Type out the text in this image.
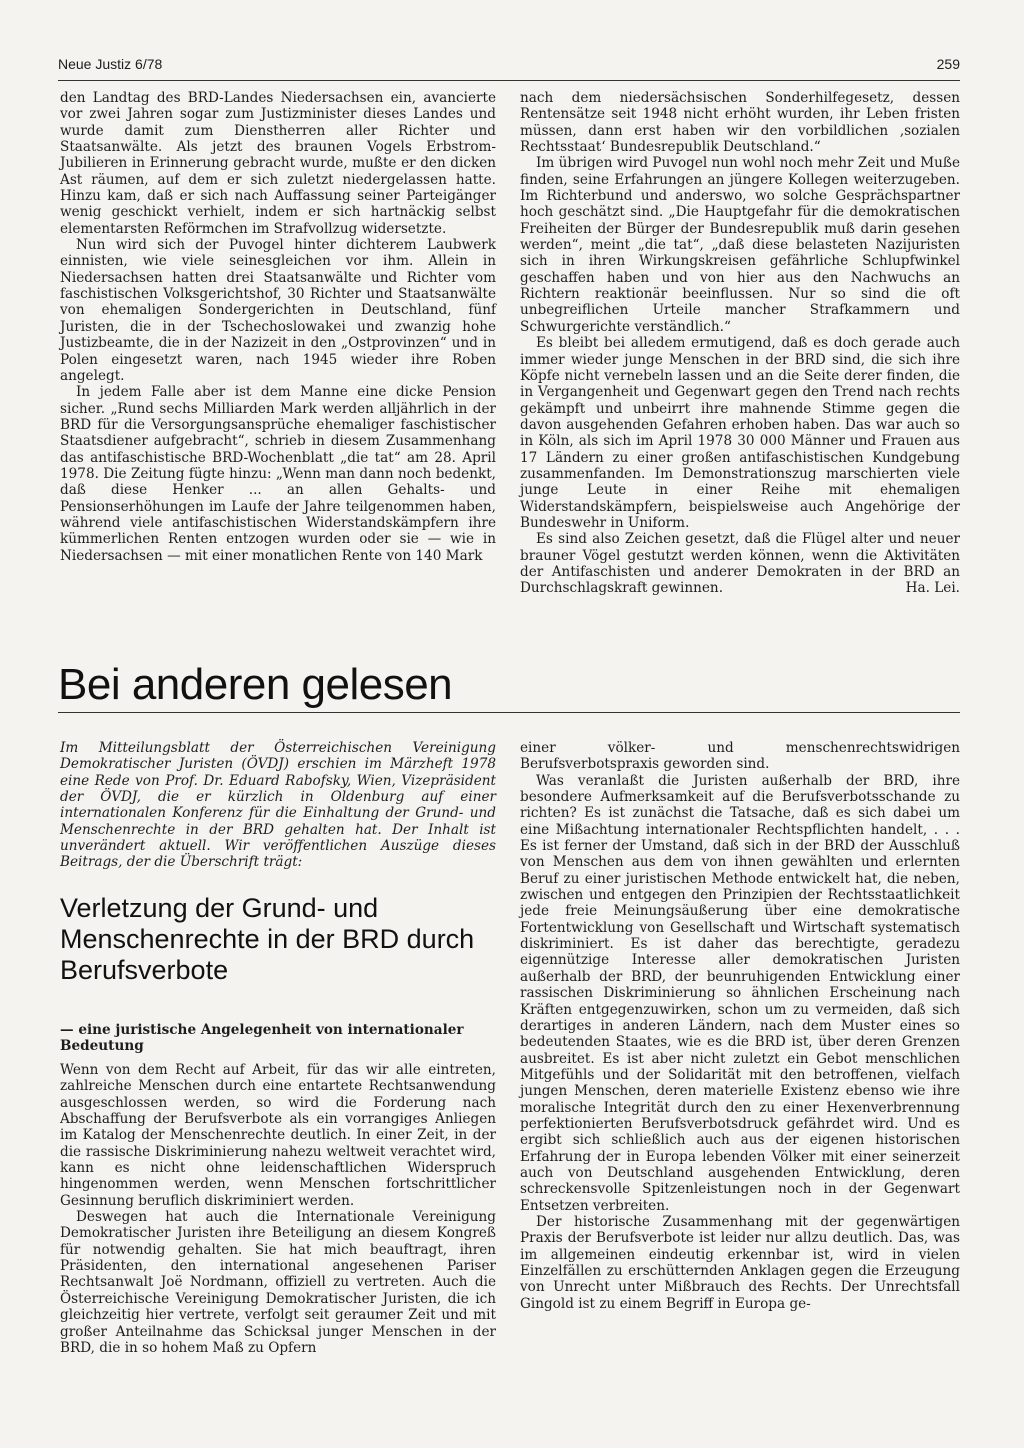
Neue Justiz 6/78	259

den Landtag des BRD-Landes Niedersachsen ein, avancierte vor zwei Jahren sogar zum Justizminister dieses Landes und wurde damit zum Dienstherren aller Richter und Staatsanwälte. Als jetzt des braunen Vogels Erbstrom-Jubilieren in Erinnerung gebracht wurde, mußte er den dicken Ast räumen, auf dem er sich zuletzt niedergelassen hatte. Hinzu kam, daß er sich nach Auffassung seiner Parteigänger wenig geschickt verhielt, indem er sich hartnäckig selbst elementarsten Reförmchen im Strafvollzug widersetzte.

Nun wird sich der Puvogel hinter dichterem Laubwerk einnisten, wie viele seinesgleichen vor ihm. Allein in Niedersachsen hatten drei Staatsanwälte und Richter vom faschistischen Volksgerichtshof, 30 Richter und Staatsanwälte von ehemaligen Sondergerichten in Deutschland, fünf Juristen, die in der Tschechoslowakei und zwanzig hohe Justizbeamte, die in der Nazizeit in den „Ostprovinzen“ und in Polen eingesetzt waren, nach 1945 wieder ihre Roben angelegt.

In jedem Falle aber ist dem Manne eine dicke Pension sicher. „Rund sechs Milliarden Mark werden alljährlich in der BRD für die Versorgungsansprüche ehemaliger faschistischer Staatsdiener aufgebracht“, schrieb in diesem Zusammenhang das antifaschistische BRD-Wochenblatt „die tat“ am 28. April 1978. Die Zeitung fügte hinzu: „Wenn man dann noch bedenkt, daß diese Henker ... an allen Gehalts- und Pensionserhöhungen im Laufe der Jahre teilgenommen haben, während viele antifaschistischen Widerstandskämpfern ihre kümmerlichen Renten entzogen wurden oder sie — wie in Niedersachsen — mit einer monatlichen Rente von 140 Mark

nach dem niedersächsischen Sonderhilfegesetz, dessen Rentensätze seit 1948 nicht erhöht wurden, ihr Leben fristen müssen, dann erst haben wir den vorbildlichen ‚sozialen Rechtsstaat‘ Bundesrepublik Deutschland.“

Im übrigen wird Puvogel nun wohl noch mehr Zeit und Muße finden, seine Erfahrungen an jüngere Kollegen weiterzugeben. Im Richterbund und anderswo, wo solche Gesprächspartner hoch geschätzt sind. „Die Hauptgefahr für die demokratischen Freiheiten der Bürger der Bundesrepublik muß darin gesehen werden“, meint „die tat“, „daß diese belasteten Nazijuristen sich in ihren Wirkungskreisen gefährliche Schlupfwinkel geschaffen haben und von hier aus den Nachwuchs an Richtern reaktionär beeinflussen. Nur so sind die oft unbegreiflichen Urteile mancher Strafkammern und Schwurgerichte verständlich.“

Es bleibt bei alledem ermutigend, daß es doch gerade auch immer wieder junge Menschen in der BRD sind, die sich ihre Köpfe nicht vernebeln lassen und an die Seite derer finden, die in Vergangenheit und Gegenwart gegen den Trend nach rechts gekämpft und unbeirrt ihre mahnende Stimme gegen die davon ausgehenden Gefahren erhoben haben. Das war auch so in Köln, als sich im April 1978 30 000 Männer und Frauen aus 17 Ländern zu einer großen antifaschistischen Kundgebung zusammenfanden. Im Demonstrationszug marschierten viele junge Leute in einer Reihe mit ehemaligen Widerstandskämpfern, beispielsweise auch Angehörige der Bundeswehr in Uniform.

Es sind also Zeichen gesetzt, daß die Flügel alter und neuer brauner Vögel gestutzt werden können, wenn die Aktivitäten der Antifaschisten und anderer Demokraten in der BRD an Durchschlagskraft gewinnen.	Ha. Lei.

Bei anderen gelesen

Im Mitteilungsblatt der Österreichischen Vereinigung Demokratischer Juristen (ÖVDJ) erschien im Märzheft 1978 eine Rede von Prof. Dr. Eduard Rabofsky, Wien, Vizepräsident der ÖVDJ, die er kürzlich in Oldenburg auf einer internationalen Konferenz für die Einhaltung der Grund- und Menschenrechte in der BRD gehalten hat. Der Inhalt ist unverändert aktuell. Wir veröffentlichen Auszüge dieses Beitrags, der die Überschrift trägt:

Verletzung der Grund- und Menschenrechte in der BRD durch Berufsverbote
— eine juristische Angelegenheit von internationaler Bedeutung

Wenn von dem Recht auf Arbeit, für das wir alle eintreten, zahlreiche Menschen durch eine entartete Rechtsanwendung ausgeschlossen werden, so wird die Forderung nach Abschaffung der Berufsverbote als ein vorrangiges Anliegen im Katalog der Menschenrechte deutlich. In einer Zeit, in der die rassische Diskriminierung nahezu weltweit verachtet wird, kann es nicht ohne leidenschaftlichen Widerspruch hingenommen werden, wenn Menschen fortschrittlicher Gesinnung beruflich diskriminiert werden.

Deswegen hat auch die Internationale Vereinigung Demokratischer Juristen ihre Beteiligung an diesem Kongreß für notwendig gehalten. Sie hat mich beauftragt, ihren Präsidenten, den international angesehenen Pariser Rechtsanwalt Joë Nordmann, offiziell zu vertreten. Auch die Österreichische Vereinigung Demokratischer Juristen, die ich gleichzeitig hier vertrete, verfolgt seit geraumer Zeit und mit großer Anteilnahme das Schicksal junger Menschen in der BRD, die in so hohem Maß zu Opfern

einer völker- und menschenrechtswidrigen Berufsverbotspraxis geworden sind.

Was veranlaßt die Juristen außerhalb der BRD, ihre besondere Aufmerksamkeit auf die Berufsverbotsschande zu richten? Es ist zunächst die Tatsache, daß es sich dabei um eine Mißachtung internationaler Rechtspflichten handelt, . . . Es ist ferner der Umstand, daß sich in der BRD der Ausschluß von Menschen aus dem von ihnen gewählten und erlernten Beruf zu einer juristischen Methode entwickelt hat, die neben, zwischen und entgegen den Prinzipien der Rechtsstaatlichkeit jede freie Meinungsäußerung über eine demokratische Fortentwicklung von Gesellschaft und Wirtschaft systematisch diskriminiert. Es ist daher das berechtigte, geradezu eigennützige Interesse aller demokratischen Juristen außerhalb der BRD, der beunruhigenden Entwicklung einer rassischen Diskriminierung so ähnlichen Erscheinung nach Kräften entgegenzuwirken, schon um zu vermeiden, daß sich derartiges in anderen Ländern, nach dem Muster eines so bedeutenden Staates, wie es die BRD ist, über deren Grenzen ausbreitet. Es ist aber nicht zuletzt ein Gebot menschlichen Mitgefühls und der Solidarität mit den betroffenen, vielfach jungen Menschen, deren materielle Existenz ebenso wie ihre moralische Integrität durch den zu einer Hexenverbrennung perfektionierten Berufsverbotsdruck gefährdet wird. Und es ergibt sich schließlich auch aus der eigenen historischen Erfahrung der in Europa lebenden Völker mit einer seinerzeit auch von Deutschland ausgehenden Entwicklung, deren schreckensvolle Spitzenleistungen noch in der Gegenwart Entsetzen verbreiten.

Der historische Zusammenhang mit der gegenwärtigen Praxis der Berufsverbote ist leider nur allzu deutlich. Das, was im allgemeinen eindeutig erkennbar ist, wird in vielen Einzelfällen zu erschütternden Anklagen gegen die Erzeugung von Unrecht unter Mißbrauch des Rechts. Der Unrechtsfall Gingold ist zu einem Begriff in Europa ge-
